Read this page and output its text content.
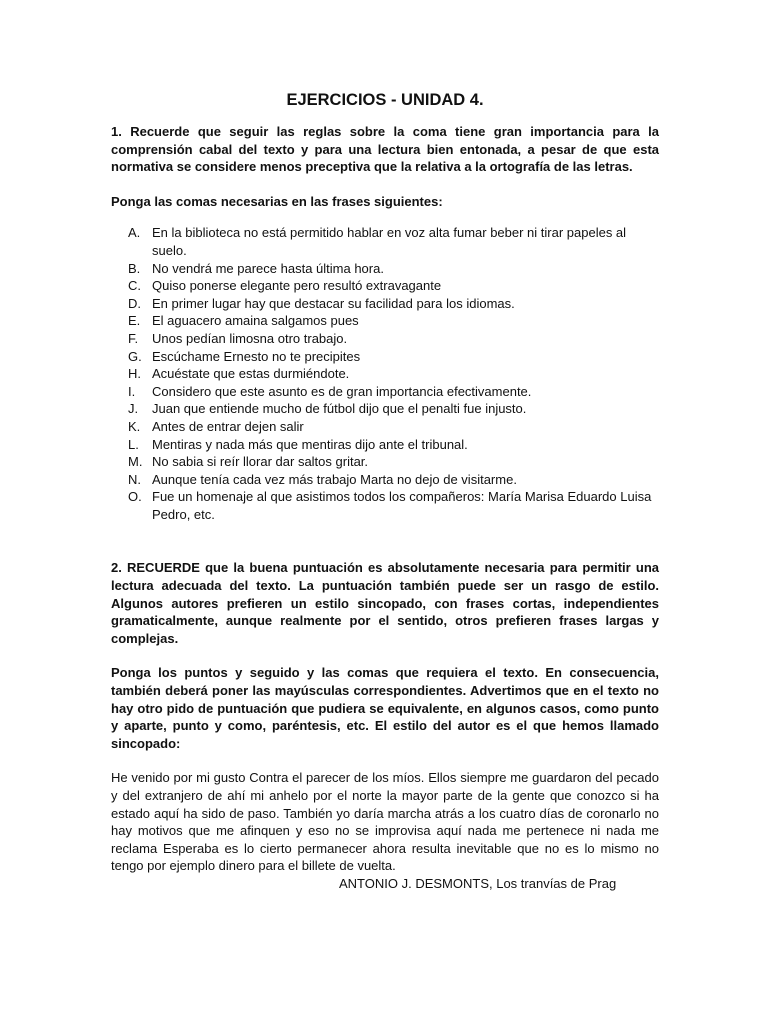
EJERCICIOS - UNIDAD 4.

1. Recuerde que seguir las reglas sobre la coma tiene gran importancia para la comprensión cabal del texto y para una lectura bien entonada, a pesar de que esta normativa se considere menos preceptiva que la relativa a la ortografía de las letras.

Ponga las comas necesarias en las frases siguientes:

A. En la biblioteca no está permitido hablar en voz alta fumar beber ni tirar papeles al suelo.
B. No vendrá me parece hasta última hora.
C. Quiso ponerse elegante pero resultó extravagante
D. En primer lugar hay que destacar su facilidad para los idiomas.
E. El aguacero amaina salgamos pues
F.	Unos pedían limosna otro trabajo.
G. Escúchame Ernesto no te precipites
H. Acuéstate que estas durmiéndote.
I.	Considero que este asunto es de gran importancia efectivamente.
J.	Juan que entiende mucho de fútbol dijo que el penalti fue injusto.
K. Antes de entrar dejen salir
L.	Mentiras y nada más que mentiras dijo ante el tribunal.
M. No sabia si reír llorar dar saltos gritar.
N. Aunque tenía cada vez más trabajo Marta no dejo de visitarme.
O. Fue un homenaje al que asistimos todos los compañeros: María Marisa Eduardo Luisa Pedro, etc.

2. RECUERDE que la buena puntuación es absolutamente necesaria para permitir una lectura adecuada del texto. La puntuación también puede ser un rasgo de estilo. Algunos autores prefieren un estilo sincopado, con frases cortas, independientes gramaticalmente, aunque realmente por el sentido, otros prefieren frases largas y complejas.

Ponga los puntos y seguido y las comas que requiera el texto. En consecuencia, también deberá poner las mayúsculas correspondientes. Advertimos que en el texto no hay otro pido de puntuación que pudiera se equivalente, en algunos casos, como punto y aparte, punto y como, paréntesis, etc. El estilo del autor es el que hemos llamado sincopado:

He venido por mi gusto Contra el parecer de los míos. Ellos siempre me guardaron del pecado y del extranjero de ahí mi anhelo por el norte la mayor parte de la gente que conozco si ha estado aquí ha sido de paso. También yo daría marcha atrás a los cuatro días de coronarlo no hay motivos que me afinquen y eso no se improvisa aquí nada me pertenece ni nada me reclama Esperaba es lo cierto permanecer ahora resulta inevitable que no es lo mismo no tengo por ejemplo dinero para el billete de vuelta.

ANTONIO J. DESMONTS, Los tranvías de Prag
